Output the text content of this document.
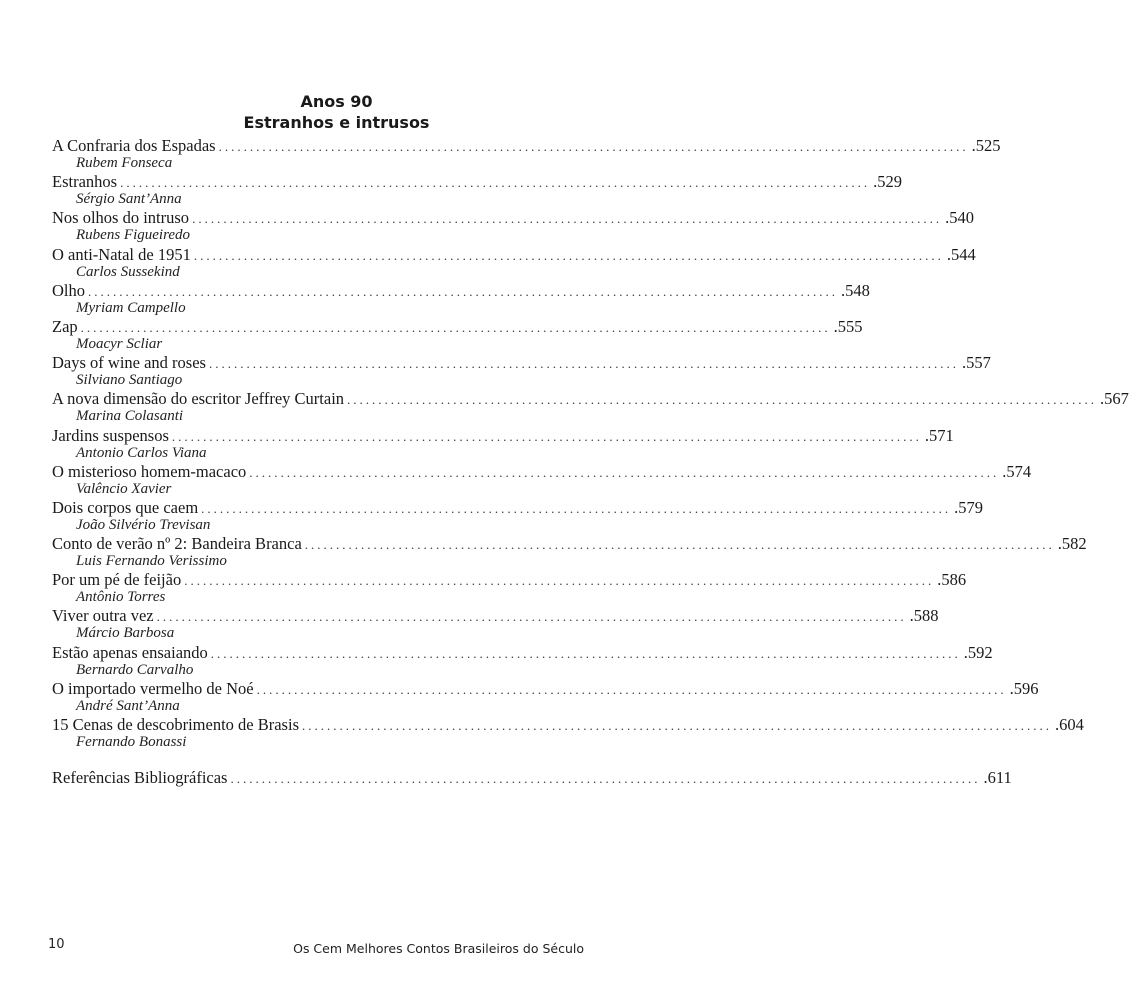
Anos 90
Estranhos e intrusos
A Confraria dos Espadas ........................................................................................................................ .525
Rubem Fonseca
Estranhos ........................................................................................................................ .529
Sérgio Sant’Anna
Nos olhos do intruso ........................................................................................................................ .540
Rubens Figueiredo
O anti-Natal de 1951 ........................................................................................................................ .544
Carlos Sussekind
Olho ........................................................................................................................ .548
Myriam Campello
Zap ........................................................................................................................ .555
Moacyr Scliar
Days of wine and roses ........................................................................................................................ .557
Silviano Santiago
A nova dimensão do escritor Jeffrey Curtain ........................................................................................................................ .567
Marina Colasanti
Jardins suspensos ........................................................................................................................ .571
Antonio Carlos Viana
O misterioso homem-macaco ........................................................................................................................ .574
Valêncio Xavier
Dois corpos que caem ........................................................................................................................ .579
João Silvério Trevisan
Conto de verão nº 2: Bandeira Branca ........................................................................................................................ .582
Luis Fernando Verissimo
Por um pé de feijão ........................................................................................................................ .586
Antônio Torres
Viver outra vez ........................................................................................................................ .588
Márcio Barbosa
Estão apenas ensaiando ........................................................................................................................ .592
Bernardo Carvalho
O importado vermelho de Noé ........................................................................................................................ .596
André Sant’Anna
15 Cenas de descobrimento de Brasis ........................................................................................................................ .604
Fernando Bonassi
Referências Bibliográficas ........................................................................................................................ .611
10	Os Cem Melhores Contos Brasileiros do Século
